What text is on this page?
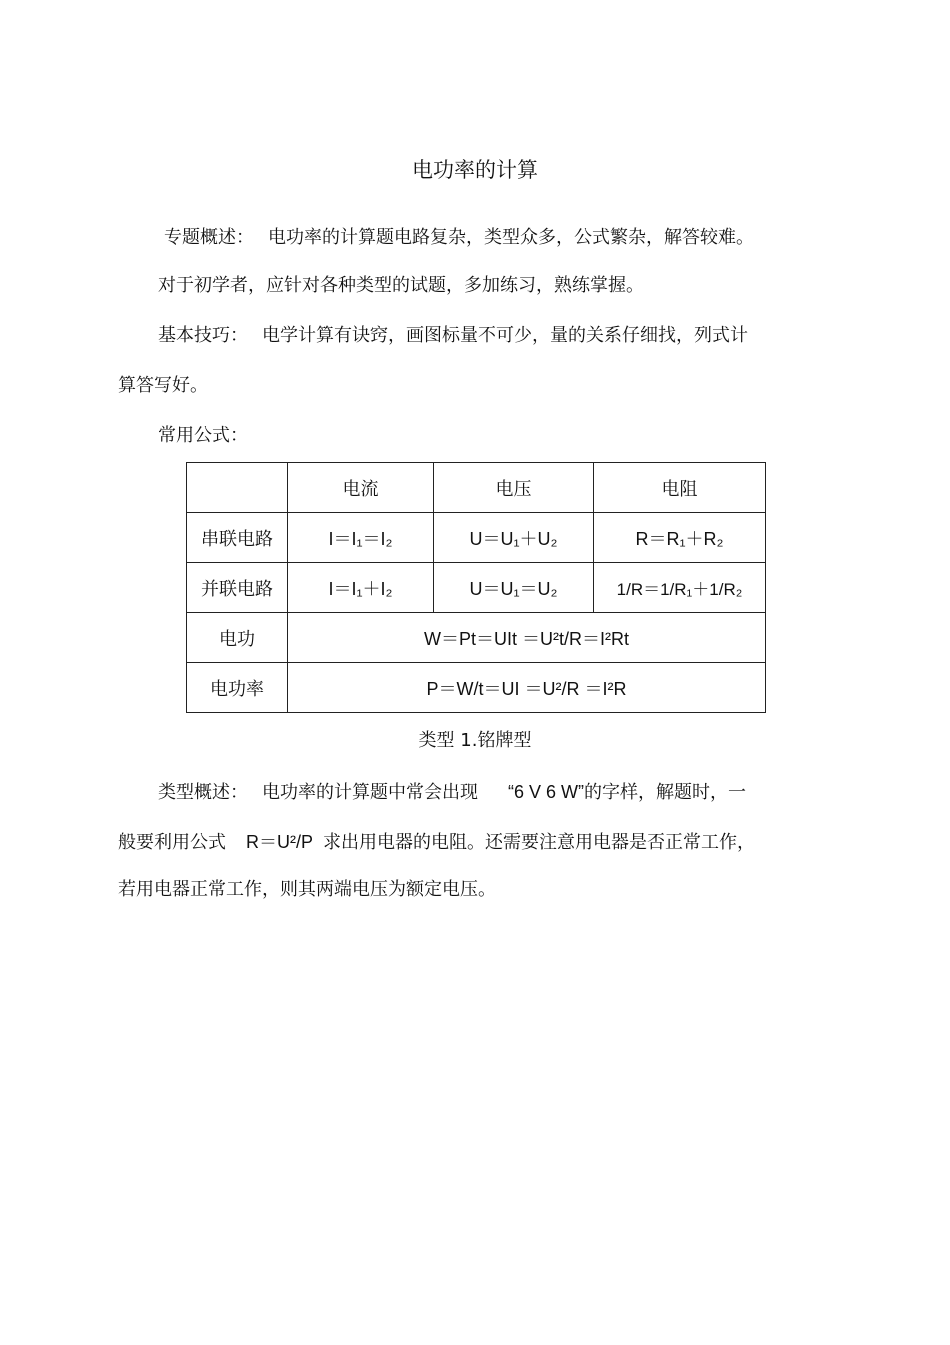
电功率的计算
专题概述： 电功率的计算题电路复杂，类型众多，公式繁杂，解答较难。
对于初学者，应针对各种类型的试题，多加练习，熟练掌握。
基本技巧： 电学计算有诀窍，画图标量不可少，量的关系仔细找，列式计
算答写好。
常用公式：
	电流	电压	电阻
串联电路	I＝I₁＝I₂	U＝U₁＋U₂	R＝R₁＋R₂
并联电路	I＝I₁＋I₂	U＝U₁＝U₂	1/R＝1/R₁＋1/R₂
电功	W＝Pt＝UIt ＝U²t/R＝I²Rt		
电功率	P＝W/t＝UI ＝U²/R ＝I²R		
类型 1.铭牌型
类型概述： 电功率的计算题中常会出现 “6 V 6 W”的字样，解题时，一
般要利用公式 R＝U²/P 求出用电器的电阻。还需要注意用电器是否正常工作，
若用电器正常工作，则其两端电压为额定电压。
